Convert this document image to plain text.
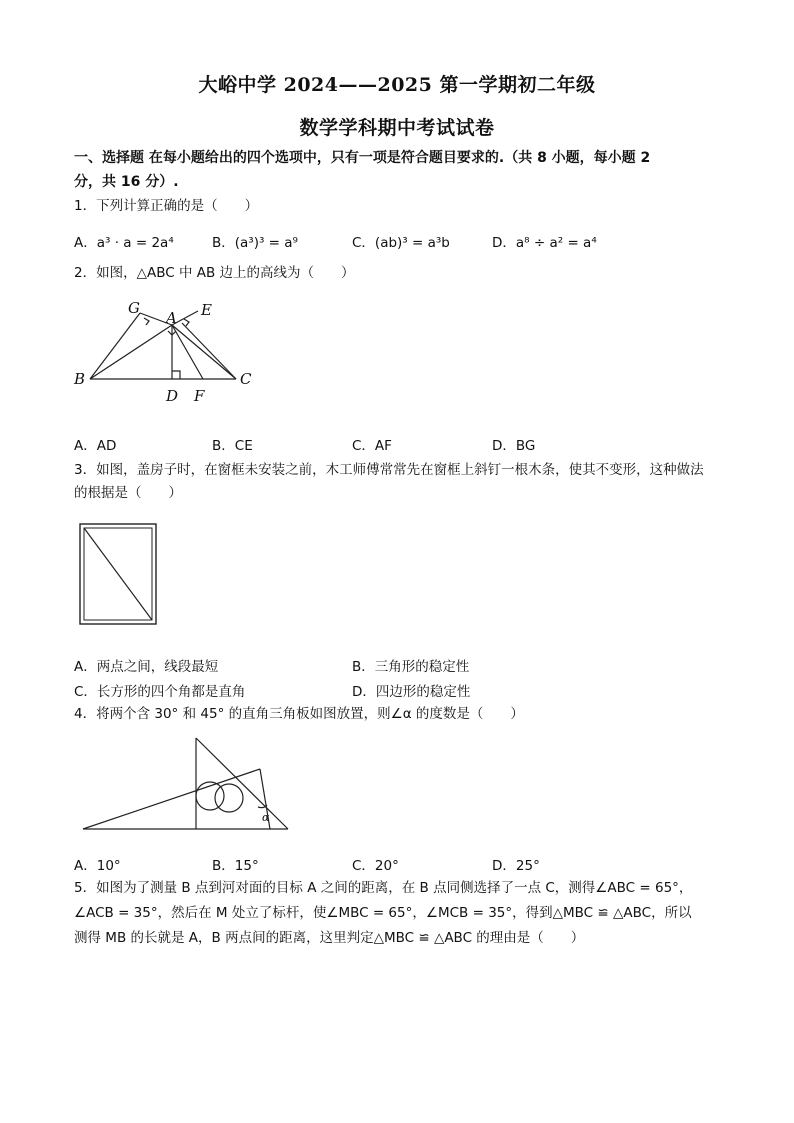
大峪中学 2024——2025 第一学期初二年级
数学学科期中考试试卷
一、选择题 在每小题给出的四个选项中，只有一项是符合题目要求的.（共 8 小题，每小题 2
分，共 16 分）.
1．下列计算正确的是（　　）
A．a³ · a = 2a⁴	B．(a³)³ = a⁹	C．(ab)³ = a³b	D．a⁸ ÷ a² = a⁴
2．如图，△ABC 中 AB 边上的高线为（　　）
G
A E
B	C
D F
A．AD	B．CE	C．AF	D．BG
3．如图，盖房子时，在窗框未安装之前，木工师傅常常先在窗框上斜钉一根木条，使其不变形，这种做法
的根据是（　　）
A．两点之间，线段最短	B．三角形的稳定性
C．长方形的四个角都是直角	D．四边形的稳定性
4．将两个含 30° 和 45° 的直角三角板如图放置，则∠α 的度数是（　　）
α
A．10°	B．15°	C．20°	D．25°
5．如图为了测量 B 点到河对面的目标 A 之间的距离，在 B 点同侧选择了一点 C，测得∠ABC = 65°，
∠ACB = 35°，然后在 M 处立了标杆，使∠MBC = 65°，∠MCB = 35°，得到△MBC ≌ △ABC，所以
测得 MB 的长就是 A，B 两点间的距离，这里判定△MBC ≌ △ABC 的理由是（　　）
